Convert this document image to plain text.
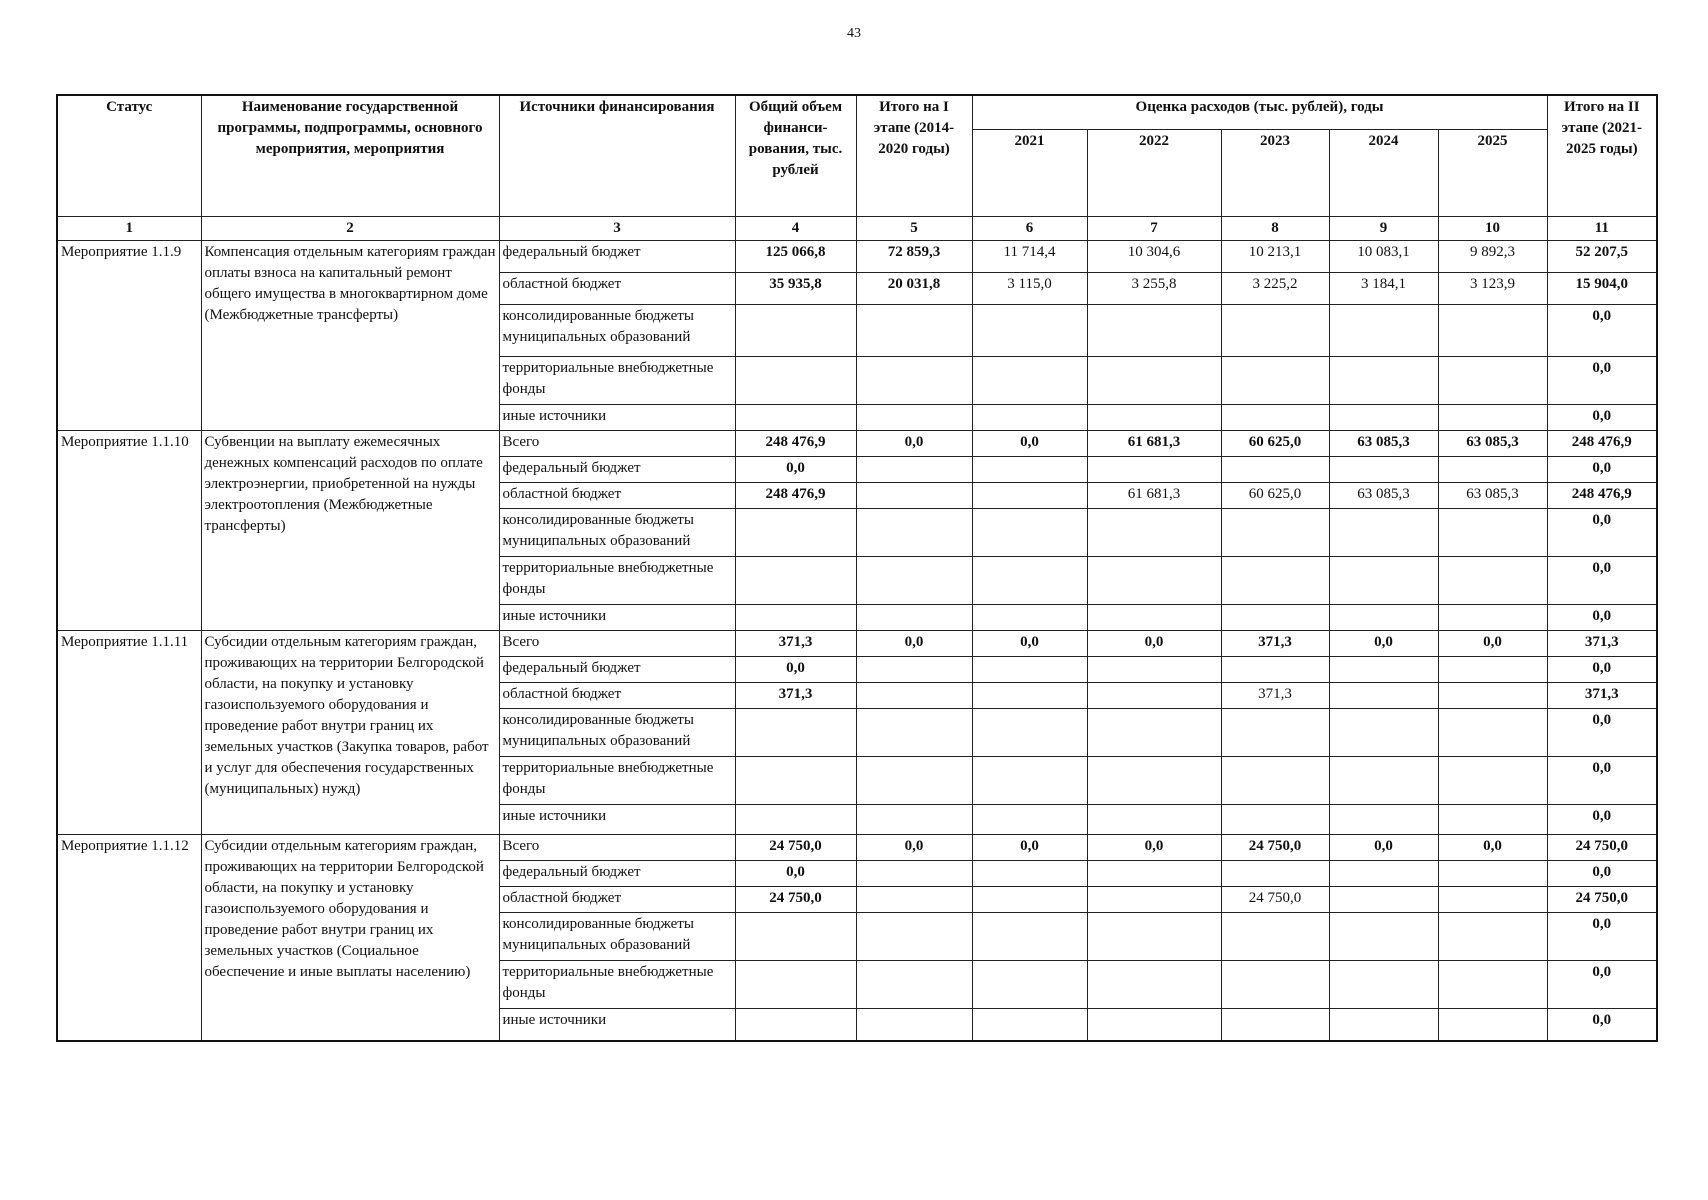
43
Статус	Наименование государственной программы, подпрограммы, основного мероприятия, мероприятия	Источники финансирования	Общий объем финанси-рования, тыс. рублей	Итого на I этапе (2014-2020 годы)	Оценка расходов (тыс. рублей), годы					Итого на II этапе (2021-2025 годы)
					2021	2022	2023	2024	2025	
1	2	3	4	5	6	7	8	9	10	11
Мероприятие 1.1.9	Компенсация отдельным категориям граждан оплаты взноса на капитальный ремонт общего имущества в многоквартирном доме (Межбюджетные трансферты)	федеральный бюджет	125 066,8	72 859,3	11 714,4	10 304,6	10 213,1	10 083,1	9 892,3	52 207,5
		областной бюджет	35 935,8	20 031,8	3 115,0	3 255,8	3 225,2	3 184,1	3 123,9	15 904,0
		консолидированные бюджеты муниципальных образований								0,0
		территориальные внебюджетные фонды								0,0
		иные источники								0,0
Мероприятие 1.1.10	Субвенции на выплату ежемесячных денежных компенсаций расходов по оплате электроэнергии, приобретенной на нужды электроотопления (Межбюджетные трансферты)	Всего	248 476,9	0,0	0,0	61 681,3	60 625,0	63 085,3	63 085,3	248 476,9
		федеральный бюджет	0,0							0,0
		областной бюджет	248 476,9			61 681,3	60 625,0	63 085,3	63 085,3	248 476,9
		консолидированные бюджеты муниципальных образований								0,0
		территориальные внебюджетные фонды								0,0
		иные источники								0,0
Мероприятие 1.1.11	Субсидии отдельным категориям граждан, проживающих на территории Белгородской области, на покупку и установку газоиспользуемого оборудования и проведение работ внутри границ их земельных участков (Закупка товаров, работ и услуг для обеспечения государственных (муниципальных) нужд)	Всего	371,3	0,0	0,0	0,0	371,3	0,0	0,0	371,3
		федеральный бюджет	0,0							0,0
		областной бюджет	371,3				371,3			371,3
		консолидированные бюджеты муниципальных образований								0,0
		территориальные внебюджетные фонды								0,0
		иные источники								0,0
Мероприятие 1.1.12	Субсидии отдельным категориям граждан, проживающих на территории Белгородской области, на покупку и установку газоиспользуемого оборудования и проведение работ внутри границ их земельных участков (Социальное обеспечение и иные выплаты населению)	Всего	24 750,0	0,0	0,0	0,0	24 750,0	0,0	0,0	24 750,0
		федеральный бюджет	0,0							0,0
		областной бюджет	24 750,0				24 750,0			24 750,0
		консолидированные бюджеты муниципальных образований								0,0
		территориальные внебюджетные фонды								0,0
		иные источники								0,0
